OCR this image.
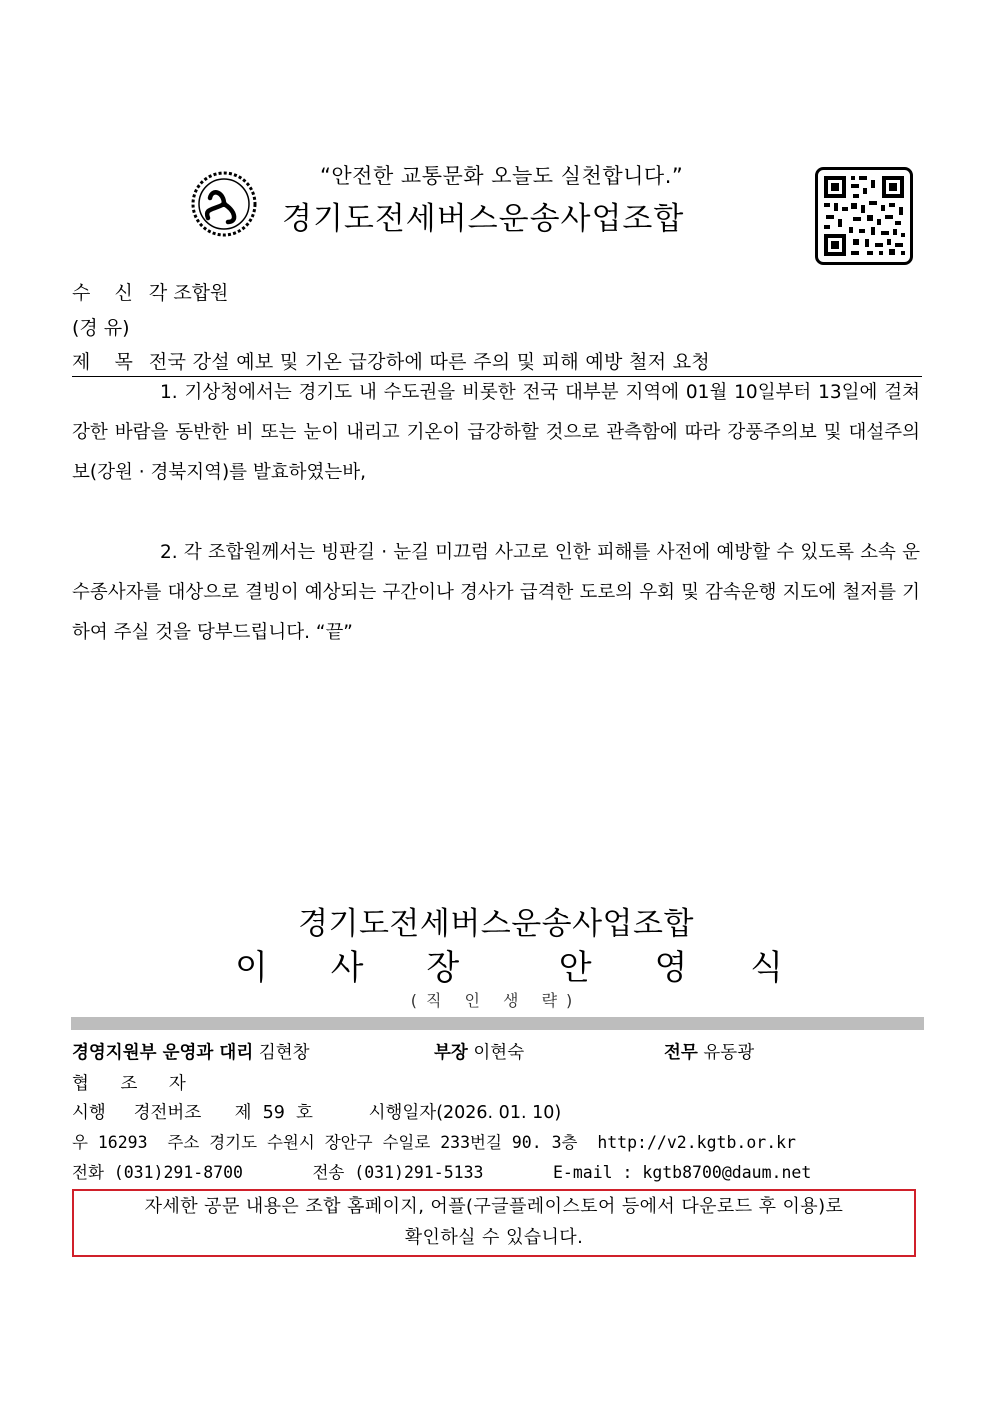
“안전한 교통문화 오늘도 실천합니다.”
경기도전세버스운송사업조합
수    신 각 조합원
(경 유)
제    목 전국 강설 예보 및 기온 급강하에 따른 주의 및 피해 예방 철저 요청
1. 기상청에서는 경기도 내 수도권을 비롯한 전국 대부분 지역에 01월 10일부터 13일에 걸쳐 강한 바람을 동반한 비 또는 눈이 내리고 기온이 급강하할 것으로 관측함에 따라 강풍주의보 및 대설주의보(강원 · 경북지역)를 발효하였는바,
2. 각 조합원께서는 빙판길 · 눈길 미끄럼 사고로 인한 피해를 사전에 예방할 수 있도록 소속 운수종사자를 대상으로 결빙이 예상되는 구간이나 경사가 급격한 도로의 우회 및 감속운행 지도에 철저를 기하여 주실 것을 당부드립니다. “끝”
경기도전세버스운송사업조합
이 사 장  안 영 식
(직 인 생 략)
경영지원부 운영과 대리 김현창	부장 이현숙	전무 유동광
협 조 자
시행     경전버조      제  59  호          시행일자(2026. 01. 10)
우 16293  주소 경기도 수원시 장안구 수일로 233번길 90. 3층  http://v2.kgtb.or.kr
전화 (031)291-8700       전송 (031)291-5133       E-mail : kgtb8700@daum.net
자세한 공문 내용은 조합 홈페이지, 어플(구글플레이스토어 등에서 다운로드 후 이용)로
확인하실 수 있습니다.
